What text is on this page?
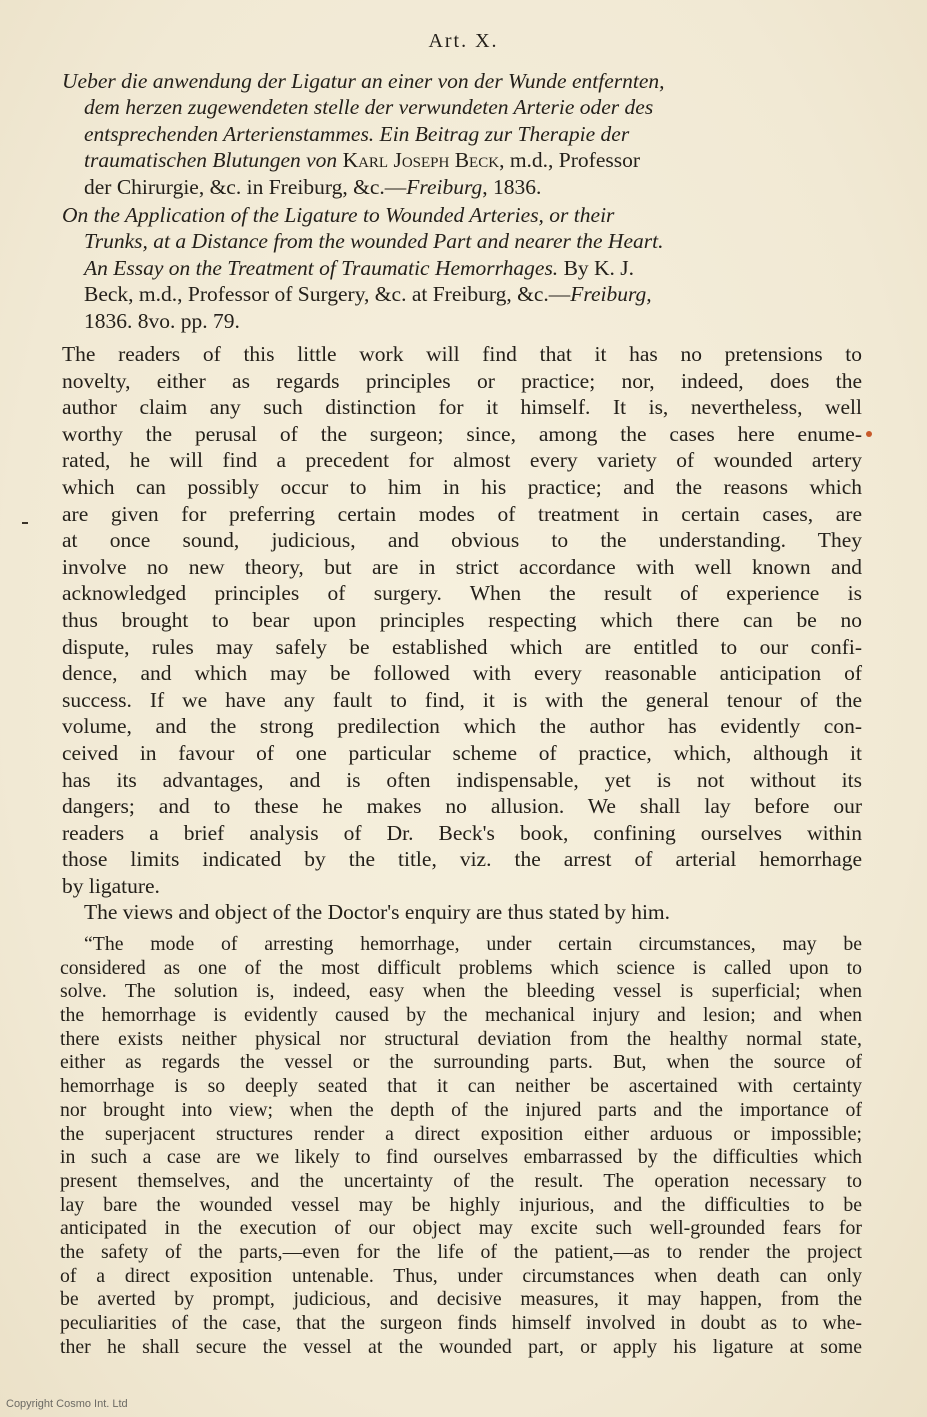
Art. X.
Ueber die anwendung der Ligatur an einer von der Wunde entfernten,
dem herzen zugewendeten stelle der verwundeten Arterie oder des
entsprechenden Arterienstammes. Ein Beitrag zur Therapie der
traumatischen Blutungen von Karl Joseph Beck, m.d., Professor
der Chirurgie, &c. in Freiburg, &c.—Freiburg, 1836.
On the Application of the Ligature to Wounded Arteries, or their
Trunks, at a Distance from the wounded Part and nearer the Heart.
An Essay on the Treatment of Traumatic Hemorrhages. By K. J.
Beck, m.d., Professor of Surgery, &c. at Freiburg, &c.—Freiburg,
1836. 8vo. pp. 79.
The readers of this little work will find that it has no pretensions to
novelty, either as regards principles or practice; nor, indeed, does the
author claim any such distinction for it himself. It is, nevertheless, well
worthy the perusal of the surgeon; since, among the cases here enume-
rated, he will find a precedent for almost every variety of wounded artery
which can possibly occur to him in his practice; and the reasons which
are given for preferring certain modes of treatment in certain cases, are
at once sound, judicious, and obvious to the understanding. They
involve no new theory, but are in strict accordance with well known and
acknowledged principles of surgery. When the result of experience is
thus brought to bear upon principles respecting which there can be no
dispute, rules may safely be established which are entitled to our confi-
dence, and which may be followed with every reasonable anticipation of
success. If we have any fault to find, it is with the general tenour of the
volume, and the strong predilection which the author has evidently con-
ceived in favour of one particular scheme of practice, which, although it
has its advantages, and is often indispensable, yet is not without its
dangers; and to these he makes no allusion. We shall lay before our
readers a brief analysis of Dr. Beck's book, confining ourselves within
those limits indicated by the title, viz. the arrest of arterial hemorrhage
by ligature.
The views and object of the Doctor's enquiry are thus stated by him.
“The mode of arresting hemorrhage, under certain circumstances, may be
considered as one of the most difficult problems which science is called upon to
solve. The solution is, indeed, easy when the bleeding vessel is superficial; when
the hemorrhage is evidently caused by the mechanical injury and lesion; and when
there exists neither physical nor structural deviation from the healthy normal state,
either as regards the vessel or the surrounding parts. But, when the source of
hemorrhage is so deeply seated that it can neither be ascertained with certainty
nor brought into view; when the depth of the injured parts and the importance of
the superjacent structures render a direct exposition either arduous or impossible;
in such a case are we likely to find ourselves embarrassed by the difficulties which
present themselves, and the uncertainty of the result. The operation necessary to
lay bare the wounded vessel may be highly injurious, and the difficulties to be
anticipated in the execution of our object may excite such well-grounded fears for
the safety of the parts,—even for the life of the patient,—as to render the project
of a direct exposition untenable. Thus, under circumstances when death can only
be averted by prompt, judicious, and decisive measures, it may happen, from the
peculiarities of the case, that the surgeon finds himself involved in doubt as to whe-
ther he shall secure the vessel at the wounded part, or apply his ligature at some
Copyright Cosmo Int. Ltd
